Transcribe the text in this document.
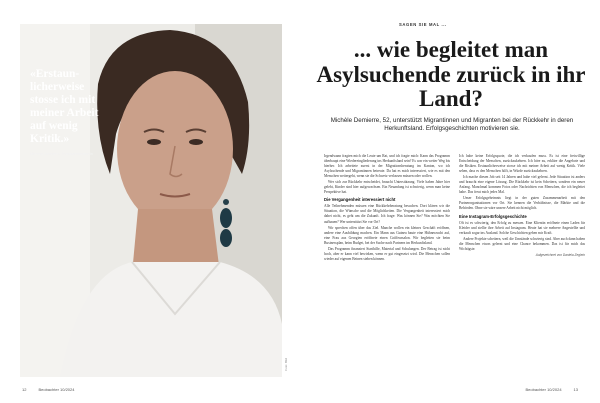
«Erstaun-licherweise stosse ich mit meiner Arbeit auf wenig Kritik.»
Michèle Demierre, Rückkehrberaterin
Foto: Bild
12	Beobachter 10/2024
SAGEN SIE MAL ...
... wie begleitet man Asylsuchende zurück in ihr Land?

Michèle Demierre, 52, unterstützt Migrantinnen und Migranten bei der Rückkehr in deren Herkunftsland. Erfolgsgeschichten motivieren sie.

Irgendwann fragten mich die Leute um Rat, und ich fragte mich: Kann das Programm überhaupt eine Wiedereingliederung ins Herkunftsland sein? Es war ein weiter Weg bis hierher. Ich arbeitete zuerst in der Migrationsberatung im Kanton, wo ich Asylsuchende und Migrantinnen betreute. Da hat es mich interessiert, wie es mit den Menschen weitergeht, wenn sie die Schweiz verlassen müssen oder wollen.

Wer sich zur Rückkehr entscheidet, braucht Unterstützung. Viele haben Jahre hier gelebt, Kinder sind hier aufgewachsen. Ein Neuanfang ist schwierig, wenn man keine Perspektive hat.

Die Vergangenheit interessiert nicht

Alle Teilnehmenden müssen eine Rückkehrberatung besuchen. Dort klären wir die Situation, die Wünsche und die Möglichkeiten. Die Vergangenheit interessiert mich dabei nicht, es geht um die Zukunft. Ich frage: Was können Sie? Was möchten Sie aufbauen? Wer unterstützt Sie vor Ort?

Wir sprechen offen über das Ziel. Manche wollen ein kleines Geschäft eröffnen, andere eine Ausbildung machen. Ein Mann aus Guinea baute eine Hühnerzucht auf, eine Frau aus Georgien eröffnete einen Coiffeursalon. Wir begleiten sie beim Businessplan, beim Budget, bei der Suche nach Partnern im Herkunftsland.

Das Programm finanziert Starthilfe, Material und Schulungen. Der Betrag ist nicht hoch, aber er kann viel bewirken, wenn er gut eingesetzt wird. Die Menschen sollen wieder auf eigenen Beinen stehen können.

Ich habe keine Erfolgsquote, die ich verkaufen muss. Es ist eine freiwillige Entscheidung der Menschen, zurückzukehren. Ich höre zu, erkläre die Angebote und die Risiken. Erstaunlicherweise stosse ich mit meiner Arbeit auf wenig Kritik. Viele sehen, dass es den Menschen hilft, in Würde zurückzukehren.

Ich mache diesen Job seit 14 Jahren und habe viel gelernt. Jede Situation ist anders und braucht eine eigene Lösung. Die Rückkehr ist kein Scheitern, sondern ein neuer Anfang. Manchmal kommen Fotos oder Nachrichten von Menschen, die ich begleitet habe. Das freut mich jedes Mal.

Unser Erfolgsgeheimnis liegt in der guten Zusammenarbeit mit den Partnerorganisationen vor Ort. Sie kennen die Verhältnisse, die Märkte und die Behörden. Ohne sie wäre unsere Arbeit nicht möglich.

Eine Instagram-Erfolgsgeschichte

Oft ist es schwierig, den Erfolg zu messen. Eine Klientin eröffnete einen Laden für Kleider und stellte ihre Arbeit auf Instagram. Heute hat sie mehrere Angestellte und verkauft sogar ins Ausland. Solche Geschichten geben mir Kraft.

Andere Projekte scheitern, weil die Umstände schwierig sind. Aber auch dann haben die Menschen etwas gelernt und eine Chance bekommen. Das ist für mich das Wichtigste.

Aufgezeichnet von Daniela Zeglein
Beobachter 10/2024	13
